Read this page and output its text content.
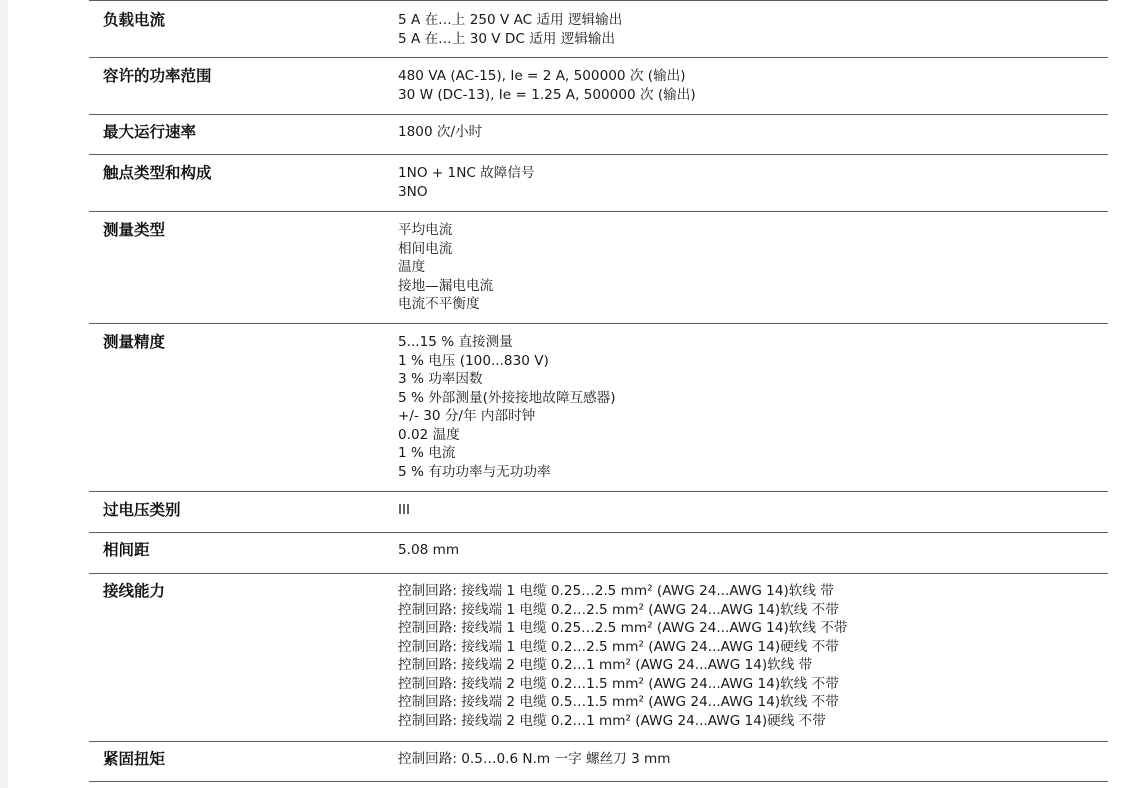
负载电流	5 A 在…上 250 V AC 适用 逻辑输出
5 A 在…上 30 V DC 适用 逻辑输出
容许的功率范围	480 VA (AC-15), Ie = 2 A, 500000 次 (输出)
30 W (DC-13), Ie = 1.25 A, 500000 次 (输出)
最大运行速率	1800 次/小时
触点类型和构成	1NO + 1NC 故障信号
3NO
测量类型	平均电流
相间电流
温度
接地—漏电电流
电流不平衡度
测量精度	5...15 % 直接测量
1 % 电压 (100...830 V)
3 % 功率因数
5 % 外部测量(外接接地故障互感器)
+/- 30 分/年 内部时钟
0.02 温度
1 % 电流
5 % 有功功率与无功功率
过电压类别	III
相间距	5.08 mm
接线能力	控制回路: 接线端 1 电缆 0.25…2.5 mm² (AWG 24...AWG 14)软线 带
控制回路: 接线端 1 电缆 0.2…2.5 mm² (AWG 24...AWG 14)软线 不带
控制回路: 接线端 1 电缆 0.25…2.5 mm² (AWG 24...AWG 14)软线 不带
控制回路: 接线端 1 电缆 0.2…2.5 mm² (AWG 24...AWG 14)硬线 不带
控制回路: 接线端 2 电缆 0.2…1 mm² (AWG 24...AWG 14)软线 带
控制回路: 接线端 2 电缆 0.2…1.5 mm² (AWG 24...AWG 14)软线 不带
控制回路: 接线端 2 电缆 0.5…1.5 mm² (AWG 24...AWG 14)软线 不带
控制回路: 接线端 2 电缆 0.2…1 mm² (AWG 24...AWG 14)硬线 不带
紧固扭矩	控制回路: 0.5…0.6 N.m 一字 螺丝刀 3 mm
